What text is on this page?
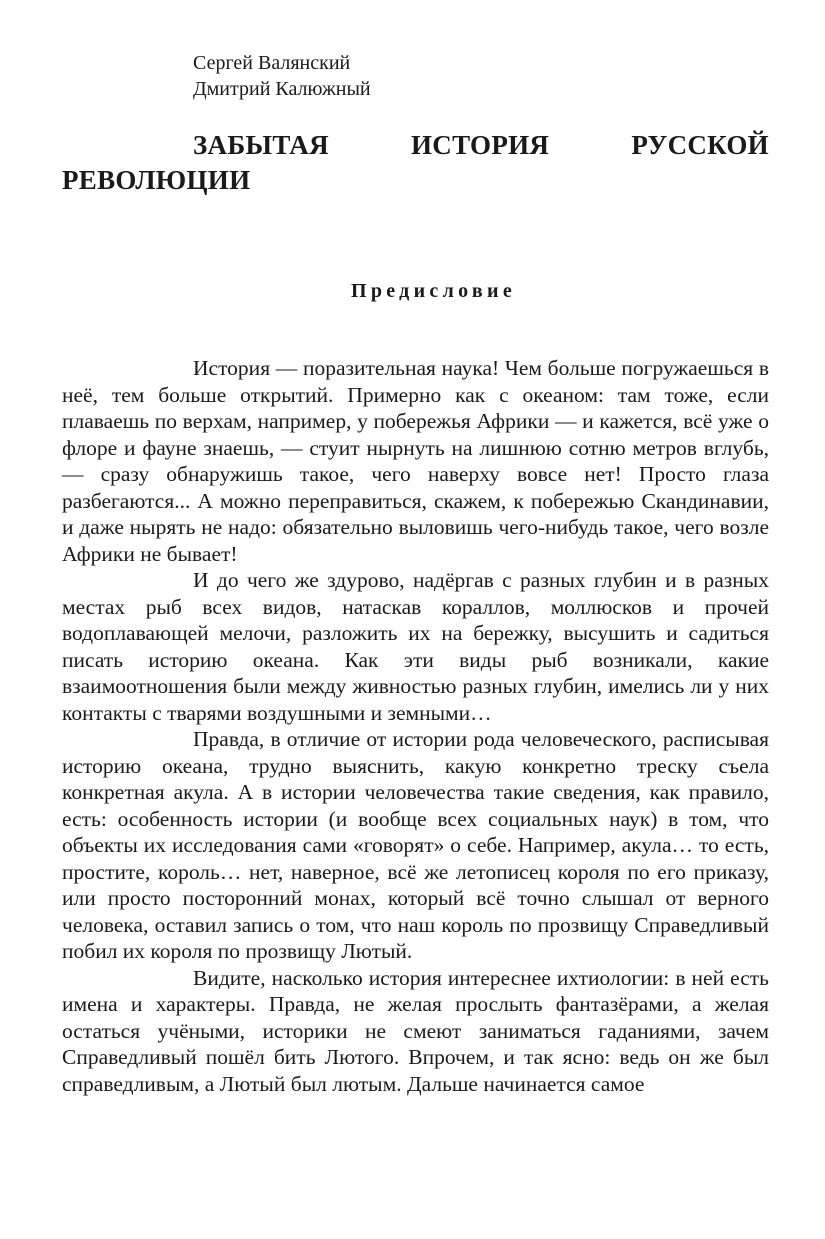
Сергей Валянский
Дмитрий Калюжный
ЗАБЫТАЯ ИСТОРИЯ РУССКОЙ РЕВОЛЮЦИИ
Предисловие

История — поразительная наука! Чем больше погружаешься в неё, тем больше открытий. Примерно как с океаном: там тоже, если плаваешь по верхам, например, у побережья Африки — и кажется, всё уже о флоре и фауне знаешь, — стуит нырнуть на лишнюю сотню метров вглубь, — сразу обнаружишь такое, чего наверху вовсе нет! Просто глаза разбегаются... А можно переправиться, скажем, к побережью Скандинавии, и даже нырять не надо: обязательно выловишь чего-нибудь такое, чего возле Африки не бывает!

И до чего же здурово, надёргав с разных глубин и в разных местах рыб всех видов, натаскав кораллов, моллюсков и прочей водоплавающей мелочи, разложить их на бережку, высушить и садиться писать историю океана. Как эти виды рыб возникали, какие взаимоотношения были между живностью разных глубин, имелись ли у них контакты с тварями воздушными и земными…

Правда, в отличие от истории рода человеческого, расписывая историю океана, трудно выяснить, какую конкретно треску съела конкретная акула. А в истории человечества такие сведения, как правило, есть: особенность истории (и вообще всех социальных наук) в том, что объекты их исследования сами «говорят» о себе. Например, акула… то есть, простите, король… нет, наверное, всё же летописец короля по его приказу, или просто посторонний монах, который всё точно слышал от верного человека, оставил запись о том, что наш король по прозвищу Справедливый побил их короля по прозвищу Лютый.

Видите, насколько история интереснее ихтиологии: в ней есть имена и характеры. Правда, не желая прослыть фантазёрами, а желая остаться учёными, историки не смеют заниматься гаданиями, зачем Справедливый пошёл бить Лютого. Впрочем, и так ясно: ведь он же был справедливым, а Лютый был лютым. Дальше начинается самое
